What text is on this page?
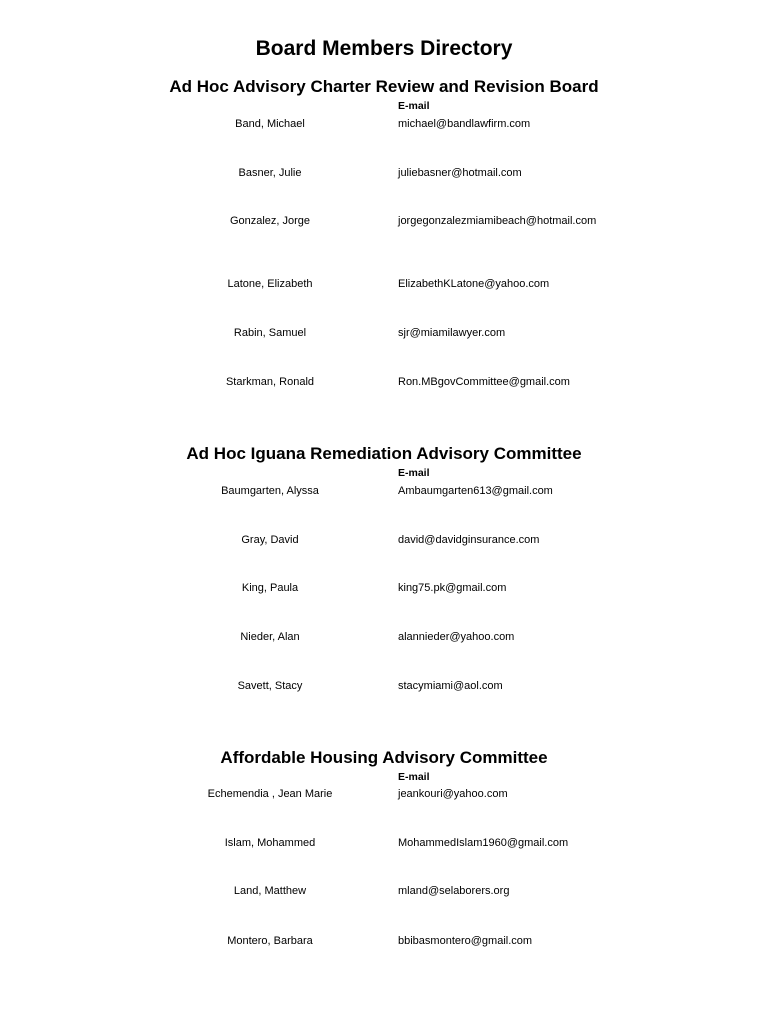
Board Members Directory
Ad Hoc Advisory Charter Review and Revision Board
E-mail
Band, Michael	michael@bandlawfirm.com
Basner, Julie	juliebasner@hotmail.com
Gonzalez, Jorge	jorgegonzalezmiamibeach@hotmail.com
Latone, Elizabeth	ElizabethKLatone@yahoo.com
Rabin, Samuel	sjr@miamilawyer.com
Starkman, Ronald	Ron.MBgovCommittee@gmail.com
Ad Hoc Iguana Remediation Advisory Committee
E-mail
Baumgarten, Alyssa	Ambaumgarten613@gmail.com
Gray, David	david@davidginsurance.com
King, Paula	king75.pk@gmail.com
Nieder, Alan	alannieder@yahoo.com
Savett, Stacy	stacymiami@aol.com
Affordable Housing Advisory Committee
E-mail
Echemendia , Jean Marie	jeankouri@yahoo.com
Islam, Mohammed	MohammedIslam1960@gmail.com
Land, Matthew	mland@selaborers.org
Montero, Barbara	bbibasmontero@gmail.com
